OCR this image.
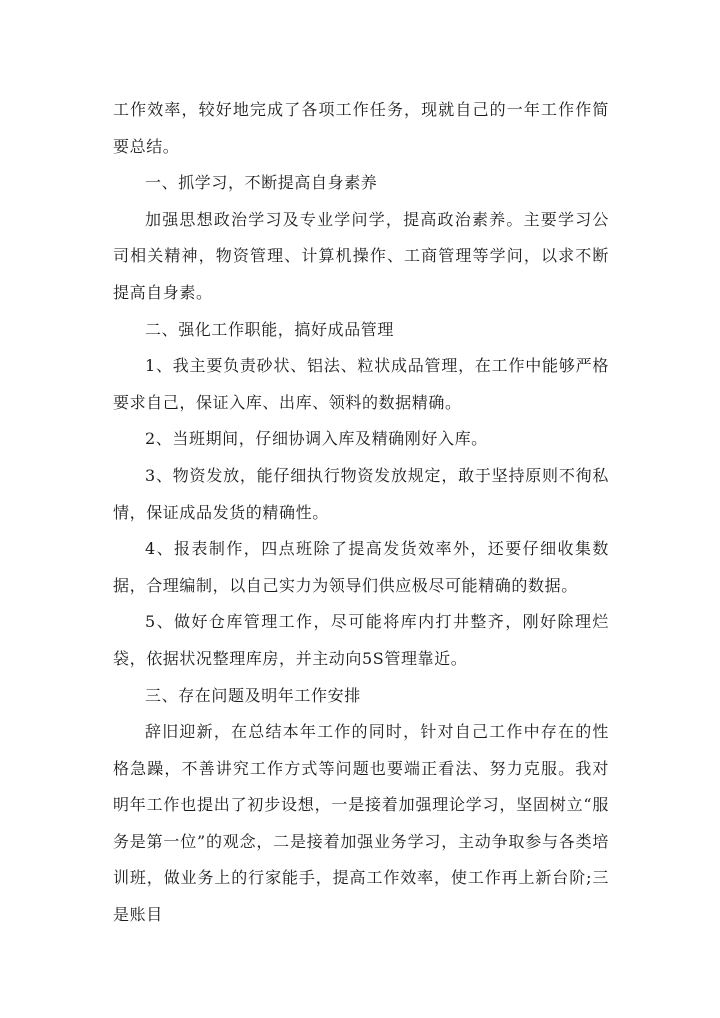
工作效率，较好地完成了各项工作任务，现就自己的一年工作作简要总结。

一、抓学习，不断提高自身素养

加强思想政治学习及专业学问学，提高政治素养。主要学习公司相关精神，物资管理、计算机操作、工商管理等学问，以求不断提高自身素。

二、强化工作职能，搞好成品管理

1、我主要负责砂状、铝法、粒状成品管理，在工作中能够严格要求自己，保证入库、出库、领料的数据精确。

2、当班期间，仔细协调入库及精确刚好入库。

3、物资发放，能仔细执行物资发放规定，敢于坚持原则不徇私情，保证成品发货的精确性。

4、报表制作，四点班除了提高发货效率外，还要仔细收集数据，合理编制，以自己实力为领导们供应极尽可能精确的数据。

5、做好仓库管理工作，尽可能将库内打井整齐，刚好除理烂袋，依据状况整理库房，并主动向5S管理靠近。

三、存在问题及明年工作安排

辞旧迎新，在总结本年工作的同时，针对自己工作中存在的性格急躁，不善讲究工作方式等问题也要端正看法、努力克服。我对明年工作也提出了初步设想，一是接着加强理论学习，坚固树立“服务是第一位”的观念，二是接着加强业务学习，主动争取参与各类培训班，做业务上的行家能手，提高工作效率，使工作再上新台阶;三是账目
